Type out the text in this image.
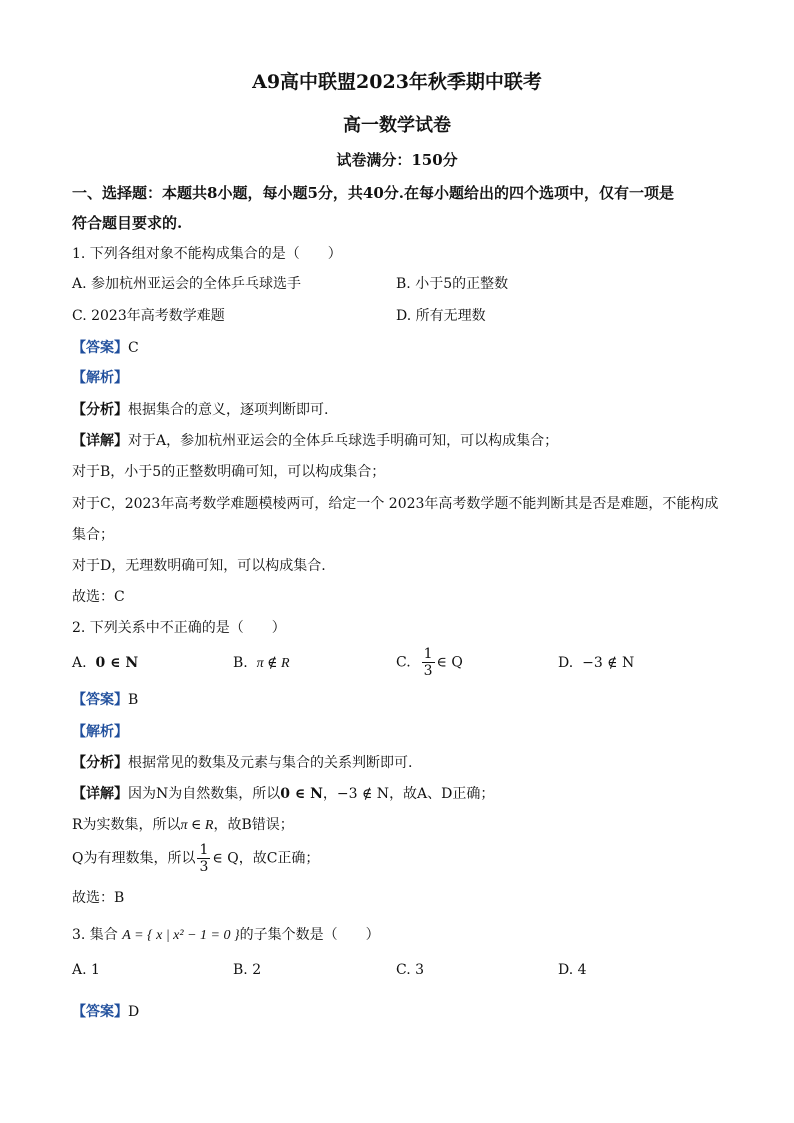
A9高中联盟2023年秋季期中联考
高一数学试卷
试卷满分：150分
一、选择题：本题共8小题，每小题5分，共40分.在每小题给出的四个选项中，仅有一项是
符合题目要求的.
1. 下列各组对象不能构成集合的是（　　）
A. 参加杭州亚运会的全体乒乓球选手	B. 小于5的正整数
C. 2023年高考数学难题	D. 所有无理数
【答案】C
【解析】
【分析】根据集合的意义，逐项判断即可.
【详解】对于A，参加杭州亚运会的全体乒乓球选手明确可知，可以构成集合；
对于B，小于5的正整数明确可知，可以构成集合；
对于C，2023年高考数学难题模棱两可，给定一个 2023年高考数学题不能判断其是否是难题，不能构成
集合；
对于D，无理数明确可知，可以构成集合.
故选：C
2. 下列关系中不正确的是（　　）
A. 0 ∈ N	B. π ∉ R	C. $\frac{1}{3}$ ∈ Q	D. −3 ∉ N
【答案】B
【解析】
【分析】根据常见的数集及元素与集合的关系判断即可.
【详解】因为N为自然数集，所以0 ∈ N，−3 ∉ N，故A、D正确；
R为实数集，所以π ∈ R，故B错误；
Q为有理数集，所以 $\frac{1}{3}$ ∈ Q，故C正确；
故选：B
3. 集合 A = { x | x² − 1 = 0 }的子集个数是（　　）
A. 1	B. 2	C. 3	D. 4
【答案】D
